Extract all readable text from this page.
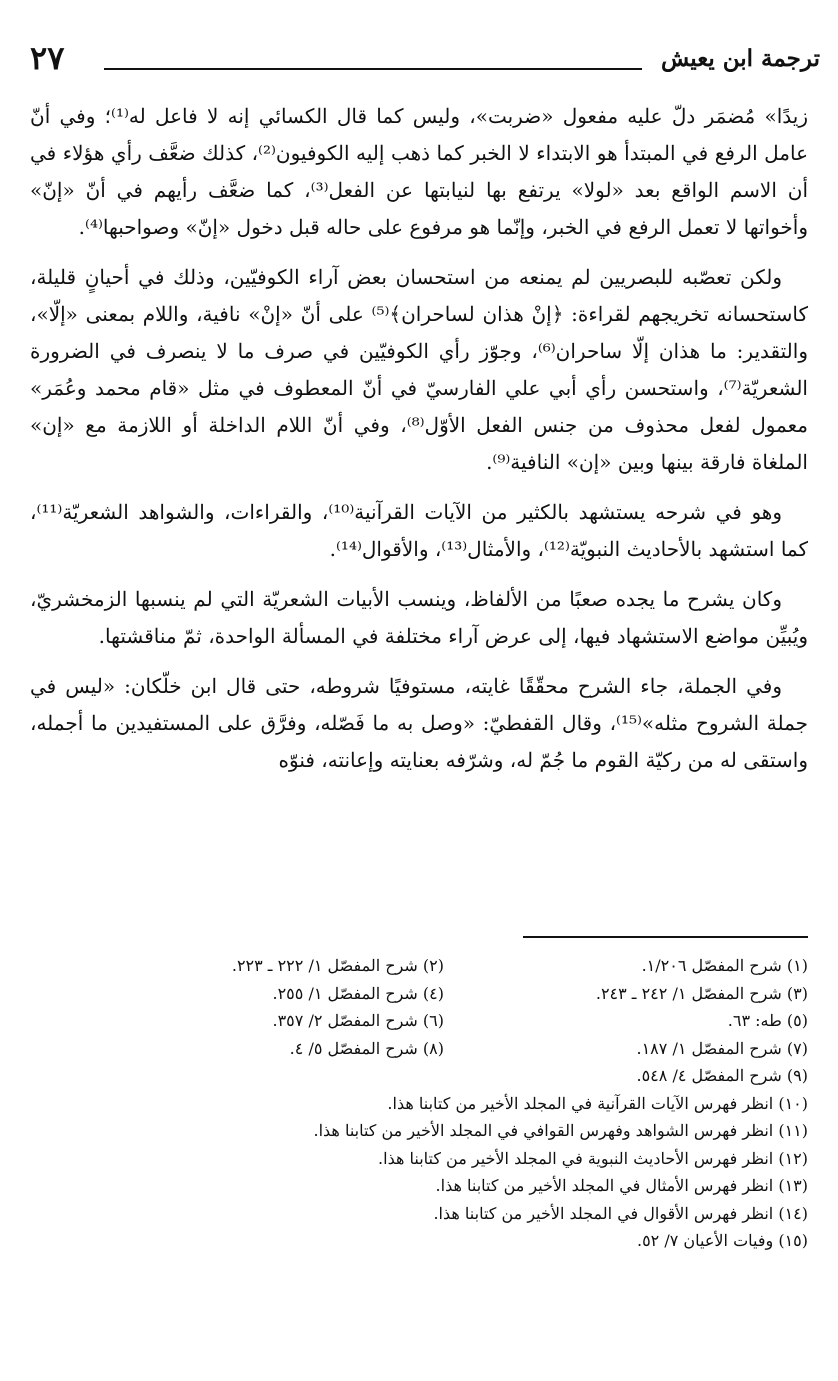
ترجمة ابن يعيش
٢٧

زيدًا» مُضمَر دلّ عليه مفعول «ضربت»، وليس كما قال الكسائي إنه لا فاعل له⁽¹⁾؛ وفي أنّ عامل الرفع في المبتدأ هو الابتداء لا الخبر كما ذهب إليه الكوفيون⁽²⁾، كذلك ضعَّف رأي هؤلاء في أن الاسم الواقع بعد «لولا» يرتفع بها لنيابتها عن الفعل⁽³⁾، كما ضعَّف رأيهم في أنّ «إنّ» وأخواتها لا تعمل الرفع في الخبر، وإنّما هو مرفوع على حاله قبل دخول «إنّ» وصواحبها⁽⁴⁾.

ولكن تعصّبه للبصريين لم يمنعه من استحسان بعض آراء الكوفيّين، وذلك في أحيانٍ قليلة، كاستحسانه تخريجهم لقراءة: ﴿إنْ هذان لساحران﴾⁽⁵⁾ على أنّ «إنْ» نافية، واللام بمعنى «إلّا»، والتقدير: ما هذان إلّا ساحران⁽⁶⁾، وجوّز رأي الكوفيّين في صرف ما لا ينصرف في الضرورة الشعريّة⁽⁷⁾، واستحسن رأي أبي علي الفارسيّ في أنّ المعطوف في مثل «قام محمد وعُمَر» معمول لفعل محذوف من جنس الفعل الأوّل⁽⁸⁾، وفي أنّ اللام الداخلة أو اللازمة مع «إن» الملغاة فارقة بينها وبين «إن» النافية⁽⁹⁾.

وهو في شرحه يستشهد بالكثير من الآيات القرآنية⁽¹⁰⁾، والقراءات، والشواهد الشعريّة⁽¹¹⁾، كما استشهد بالأحاديث النبويّة⁽¹²⁾، والأمثال⁽¹³⁾، والأقوال⁽¹⁴⁾.

وكان يشرح ما يجده صعبًا من الألفاظ، وينسب الأبيات الشعريّة التي لم ينسبها الزمخشريّ، ويُبيِّن مواضع الاستشهاد فيها، إلى عرض آراء مختلفة في المسألة الواحدة، ثمّ مناقشتها.

وفي الجملة، جاء الشرح محقّقًا غايته، مستوفيًا شروطه، حتى قال ابن خلّكان: «ليس في جملة الشروح مثله»⁽¹⁵⁾، وقال القفطيّ: «وصل به ما فَصّله، وفرَّق على المستفيدين ما أجمله، واستقى له من ركيّة القوم ما جُمّ له، وشرّفه بعنايته وإعانته، فنوّه

(١) شرح المفصّل ١/٢٠٦.
(٢) شرح المفصّل ١/ ٢٢٢ ـ ٢٢٣.
(٣) شرح المفصّل ١/ ٢٤٢ ـ ٢٤٣.
(٤) شرح المفصّل ١/ ٢٥٥.
(٥) طه: ٦٣.
(٦) شرح المفصّل ٢/ ٣٥٧.
(٧) شرح المفصّل ١/ ١٨٧.
(٨) شرح المفصّل ٥/ ٤.
(٩) شرح المفصّل ٤/ ٥٤٨.
(١٠) انظر فهرس الآيات القرآنية في المجلد الأخير من كتابنا هذا.
(١١) انظر فهرس الشواهد وفهرس القوافي في المجلد الأخير من كتابنا هذا.
(١٢) انظر فهرس الأحاديث النبوية في المجلد الأخير من كتابنا هذا.
(١٣) انظر فهرس الأمثال في المجلد الأخير من كتابنا هذا.
(١٤) انظر فهرس الأقوال في المجلد الأخير من كتابنا هذا.
(١٥) وفيات الأعيان ٧/ ٥٢.
